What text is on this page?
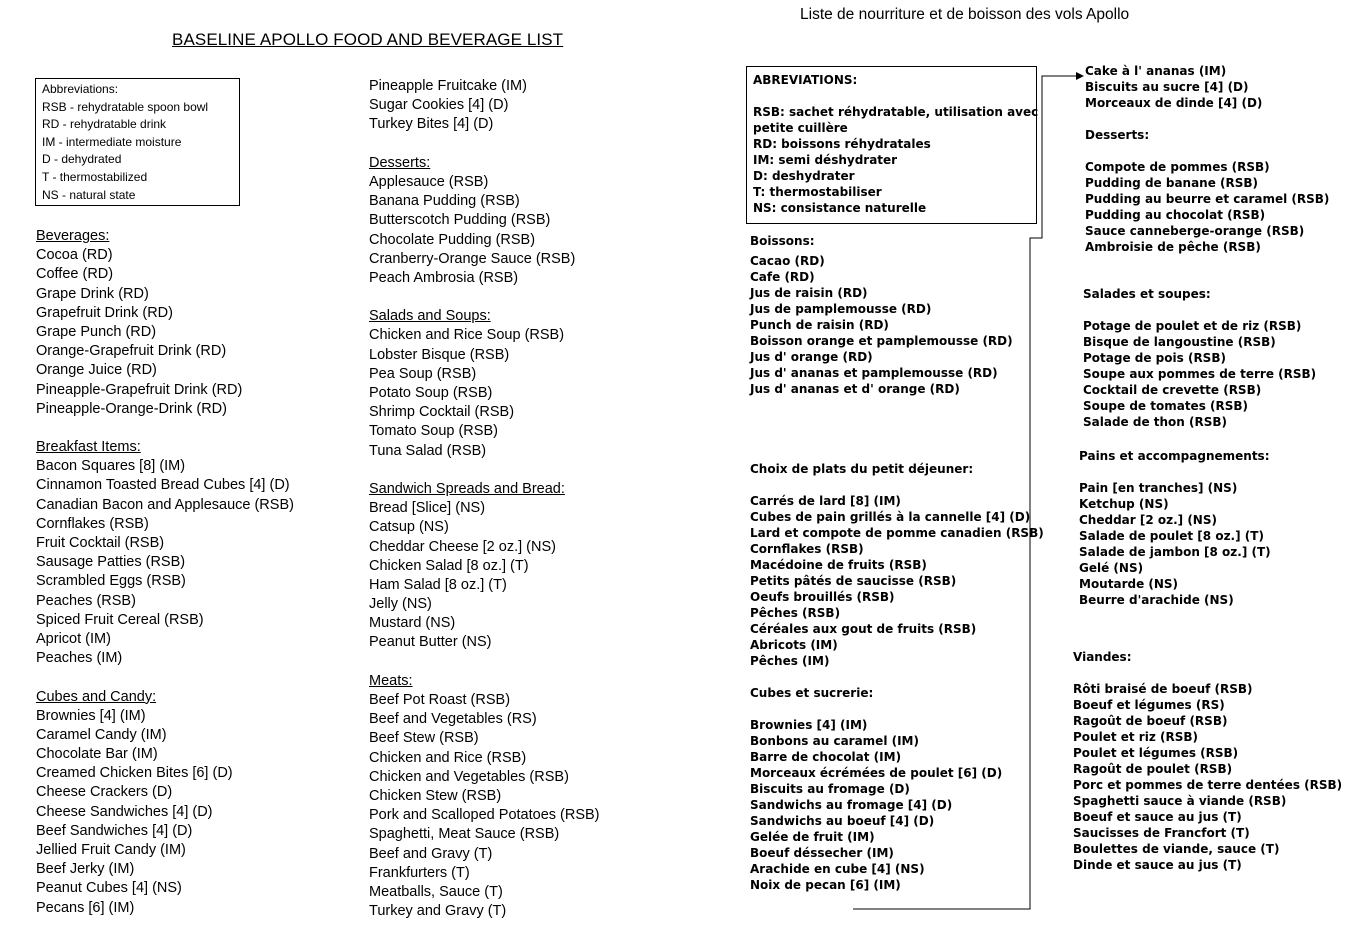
BASELINE APOLLO FOOD AND BEVERAGE LIST
Abbreviations:
RSB - rehydratable spoon bowl
RD - rehydratable drink
IM - intermediate moisture
D - dehydrated
T - thermostabilized
NS - natural state
Beverages:
Cocoa (RD)
Coffee (RD)
Grape Drink (RD)
Grapefruit Drink (RD)
Grape Punch (RD)
Orange-Grapefruit Drink (RD)
Orange Juice (RD)
Pineapple-Grapefruit Drink (RD)
Pineapple-Orange-Drink (RD)
Breakfast Items:
Bacon Squares [8] (IM)
Cinnamon Toasted Bread Cubes [4] (D)
Canadian Bacon and Applesauce (RSB)
Cornflakes (RSB)
Fruit Cocktail (RSB)
Sausage Patties (RSB)
Scrambled Eggs (RSB)
Peaches (RSB)
Spiced Fruit Cereal (RSB)
Apricot (IM)
Peaches (IM)
Cubes and Candy:
Brownies [4] (IM)
Caramel Candy (IM)
Chocolate Bar (IM)
Creamed Chicken Bites [6] (D)
Cheese Crackers (D)
Cheese Sandwiches [4] (D)
Beef Sandwiches [4] (D)
Jellied Fruit Candy (IM)
Beef Jerky (IM)
Peanut Cubes [4] (NS)
Pecans [6] (IM)
Pineapple Fruitcake (IM)
Sugar Cookies [4] (D)
Turkey Bites [4] (D)
Desserts:
Applesauce (RSB)
Banana Pudding (RSB)
Butterscotch Pudding (RSB)
Chocolate Pudding (RSB)
Cranberry-Orange Sauce (RSB)
Peach Ambrosia (RSB)
Salads and Soups:
Chicken and Rice Soup (RSB)
Lobster Bisque (RSB)
Pea Soup (RSB)
Potato Soup (RSB)
Shrimp Cocktail (RSB)
Tomato Soup (RSB)
Tuna Salad (RSB)
Sandwich Spreads and Bread:
Bread [Slice] (NS)
Catsup (NS)
Cheddar Cheese [2 oz.] (NS)
Chicken Salad [8 oz.] (T)
Ham Salad [8 oz.] (T)
Jelly (NS)
Mustard (NS)
Peanut Butter (NS)
Meats:
Beef Pot Roast (RSB)
Beef and Vegetables (RS)
Beef Stew (RSB)
Chicken and Rice (RSB)
Chicken and Vegetables (RSB)
Chicken Stew (RSB)
Pork and Scalloped Potatoes (RSB)
Spaghetti, Meat Sauce (RSB)
Beef and Gravy (T)
Frankfurters (T)
Meatballs, Sauce (T)
Turkey and Gravy (T)
Liste de nourriture et de boisson des vols Apollo
ABREVIATIONS:
RSB: sachet réhydratable, utilisation avec
petite cuillère
RD: boissons réhydratales
IM: semi déshydrater
D: deshydrater
T: thermostabiliser
NS: consistance naturelle
Boissons:
Cacao (RD)
Cafe (RD)
Jus de raisin (RD)
Jus de pamplemousse (RD)
Punch de raisin (RD)
Boisson orange et pamplemousse (RD)
Jus d' orange (RD)
Jus d' ananas et pamplemousse (RD)
Jus d' ananas et d' orange (RD)
Choix de plats du petit déjeuner:
Carrés de lard [8] (IM)
Cubes de pain grillés à la cannelle [4] (D)
Lard et compote de pomme canadien (RSB)
Cornflakes (RSB)
Macédoine de fruits (RSB)
Petits pâtés de saucisse (RSB)
Oeufs brouillés (RSB)
Pêches (RSB)
Céréales aux gout de fruits (RSB)
Abricots (IM)
Pêches (IM)
Cubes et sucrerie:
Brownies [4] (IM)
Bonbons au caramel (IM)
Barre de chocolat (IM)
Morceaux écrémées de poulet [6] (D)
Biscuits au fromage (D)
Sandwichs au fromage [4] (D)
Sandwichs au boeuf [4] (D)
Gelée de fruit (IM)
Boeuf déssecher (IM)
Arachide en cube [4] (NS)
Noix de pecan [6] (IM)
Cake à l' ananas (IM)
Biscuits au sucre [4] (D)
Morceaux de dinde [4] (D)
Desserts:
Compote de pommes (RSB)
Pudding de banane (RSB)
Pudding au beurre et caramel (RSB)
Pudding au chocolat (RSB)
Sauce canneberge-orange (RSB)
Ambroisie de pêche (RSB)
Salades et soupes:
Potage de poulet et de riz (RSB)
Bisque de langoustine (RSB)
Potage de pois (RSB)
Soupe aux pommes de terre (RSB)
Cocktail de crevette (RSB)
Soupe de tomates (RSB)
Salade de thon (RSB)
Pains et accompagnements:
Pain [en tranches] (NS)
Ketchup (NS)
Cheddar [2 oz.] (NS)
Salade de poulet [8 oz.] (T)
Salade de jambon [8 oz.] (T)
Gelé (NS)
Moutarde (NS)
Beurre d'arachide (NS)
Viandes:
Rôti braisé de boeuf (RSB)
Boeuf et légumes (RS)
Ragoût de boeuf (RSB)
Poulet et riz (RSB)
Poulet et légumes (RSB)
Ragoût de poulet (RSB)
Porc et pommes de terre dentées (RSB)
Spaghetti sauce à viande (RSB)
Boeuf et sauce au jus (T)
Saucisses de Francfort (T)
Boulettes de viande, sauce (T)
Dinde et sauce au jus (T)
